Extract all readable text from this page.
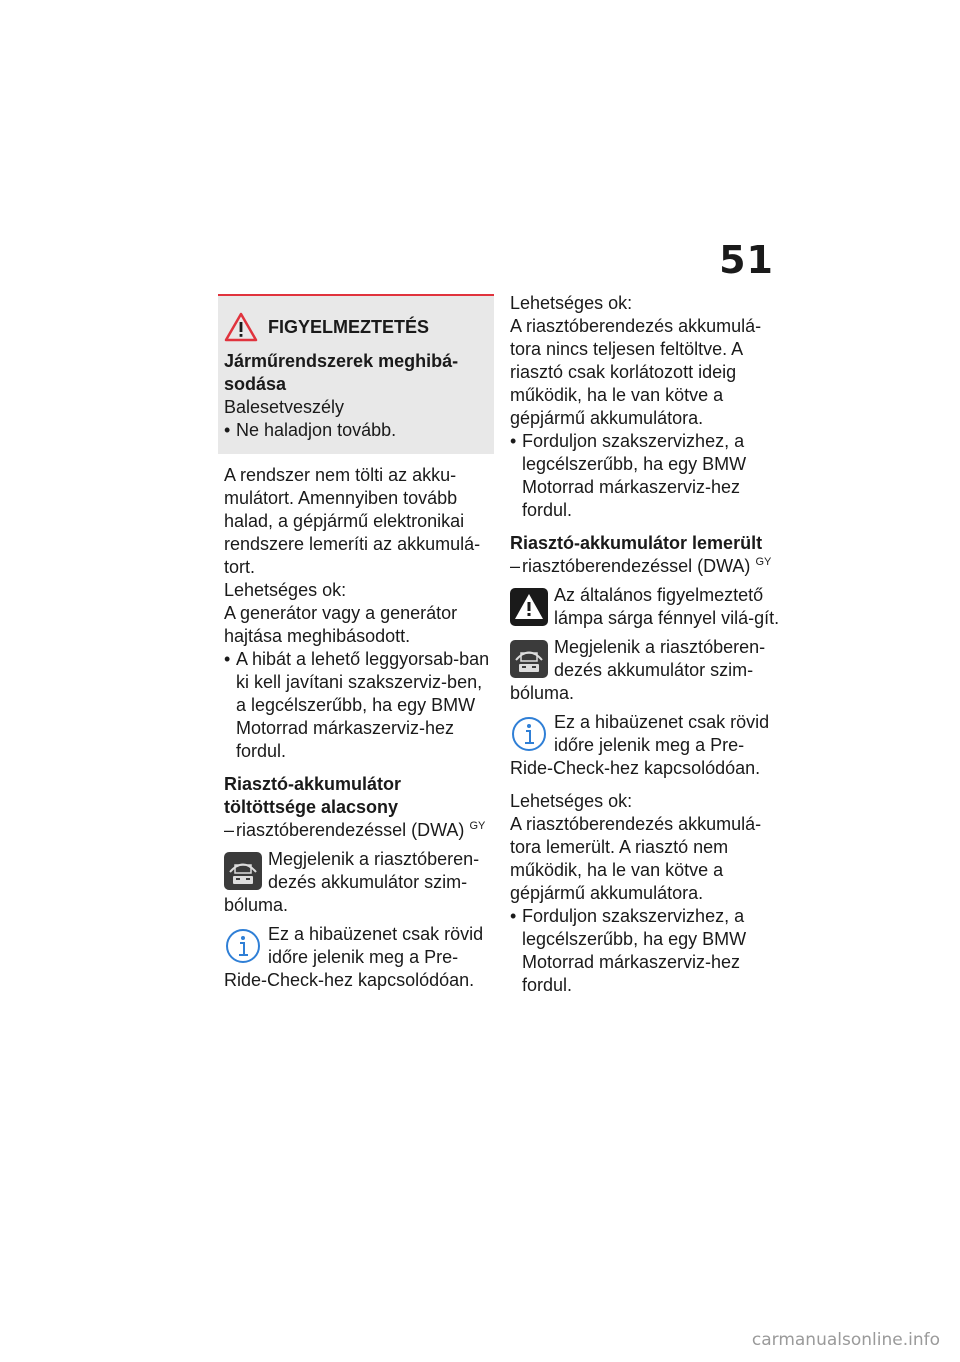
51
FIGYELMEZTETÉS

Járműrendszerek meghibá-sodása

Balesetveszély

• Ne haladjon tovább.

A rendszer nem tölti az akku-mulátort. Amennyiben tovább halad, a gépjármű elektronikai rendszere lemeríti az akkumulá-tort.

Lehetséges ok:

A generátor vagy a generátor hajtása meghibásodott.

• A hibát a lehető leggyorsab-ban ki kell javítani szakszerviz-ben, a legcélszerűbb, ha egy BMW Motorrad márkaszerviz-hez fordul.

Riasztó-akkumulátor töltöttsége alacsony

– riasztóberendezéssel (DWA) $^{GY}$

Megjelenik a riasztóberen-dezés akkumulátor szim-bóluma.
Ez a hibaüzenet csak rövid időre jelenik meg a Pre-Ride-Check-hez kapcsolódóan.

Lehetséges ok:

A riasztóberendezés akkumulá-tora nincs teljesen feltöltve. A riasztó csak korlátozott ideig működik, ha le van kötve a gépjármű akkumulátora.

• Forduljon szakszervizhez, a legcélszerűbb, ha egy BMW Motorrad márkaszerviz-hez fordul.

Riasztó-akkumulátor lemerült

– riasztóberendezéssel (DWA) $^{GY}$

Az általános figyelmeztető lámpa sárga fénnyel vilá-gít.
Megjelenik a riasztóberen-dezés akkumulátor szim-bóluma.
Ez a hibaüzenet csak rövid időre jelenik meg a Pre-Ride-Check-hez kapcsolódóan.

Lehetséges ok:

A riasztóberendezés akkumulá-tora lemerült. A riasztó nem működik, ha le van kötve a gépjármű akkumulátora.

• Forduljon szakszervizhez, a legcélszerűbb, ha egy BMW Motorrad márkaszerviz-hez fordul.

carmanualsonline.info
